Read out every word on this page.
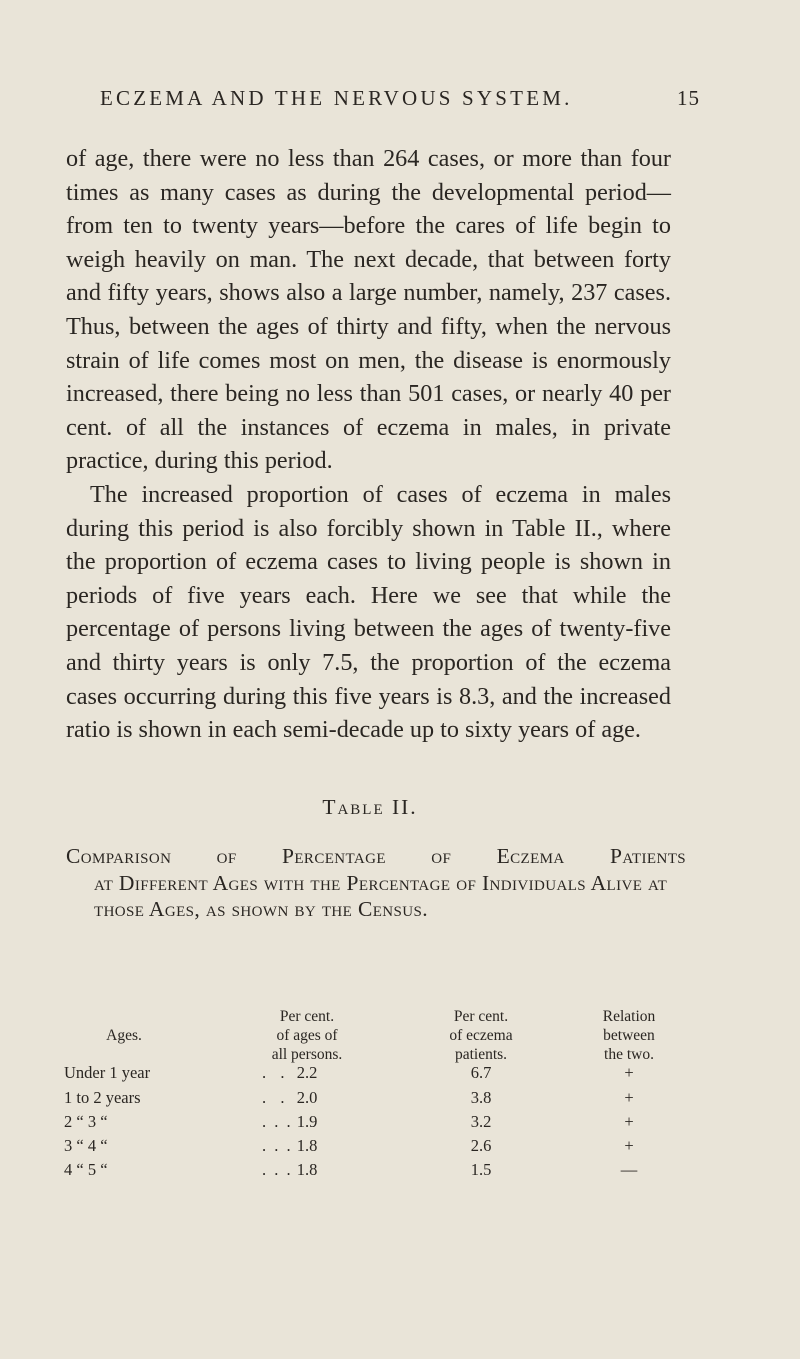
ECZEMA AND THE NERVOUS SYSTEM.	15

of age, there were no less than 264 cases, or more than four times as many cases as during the developmental period—from ten to twenty years—before the cares of life begin to weigh heavily on man. The next decade, that between forty and fifty years, shows also a large number, namely, 237 cases. Thus, between the ages of thirty and fifty, when the nervous strain of life comes most on men, the disease is enormously increased, there being no less than 501 cases, or nearly 40 per cent. of all the instances of eczema in males, in private practice, during this period.

The increased proportion of cases of eczema in males during this period is also forcibly shown in Table II., where the proportion of eczema cases to living people is shown in periods of five years each. Here we see that while the percentage of persons living between the ages of twenty-five and thirty years is only 7.5, the proportion of the eczema cases occurring during this five years is 8.3, and the increased ratio is shown in each semi-decade up to sixty years of age.

Table II.
Comparison of Percentage of Eczema Patients
at Different Ages with the Percentage of Individuals Alive at those Ages, as shown by the Census.
Ages.
Per cent.
of ages of
all persons.
Per cent.
of eczema
patients.
Relation
between
the two.
Under 1 year	.  . 2.2	6.7	+
1 to 2 years	.  . 2.0	3.8	+
2 “ 3 “	. . . 1.9	3.2	+
3 “ 4 “	. . . 1.8	2.6	+
4 “ 5 “	. . . 1.8	1.5	—
